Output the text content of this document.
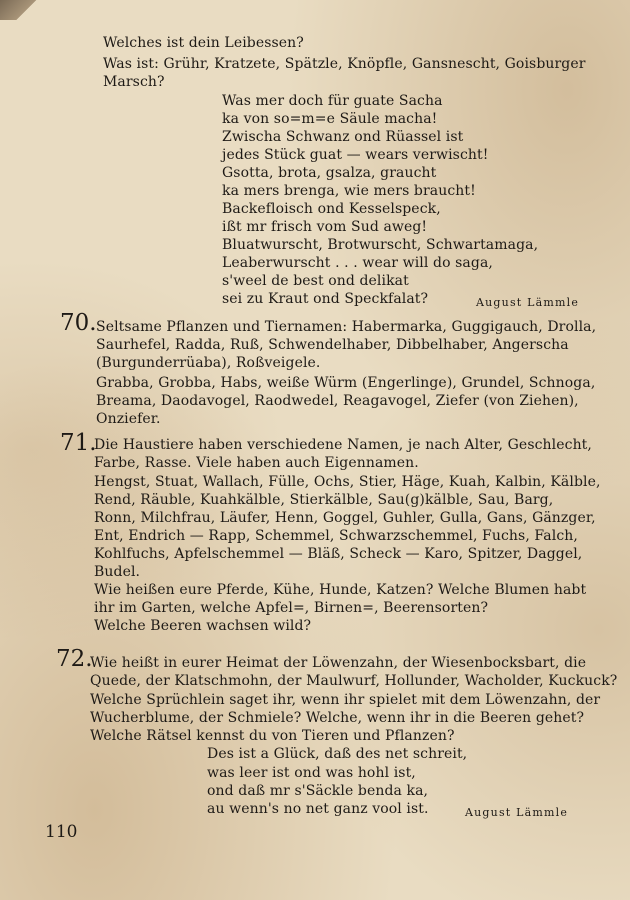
Welches ist dein Leibessen?
Was ist: Grühr, Kratzete, Spätzle, Knöpfle, Gansnescht, Goisburger
Marsch?
Was mer doch für guate Sacha
ka von so=m=e Säule macha!
Zwischa Schwanz ond Rüassel ist
jedes Stück guat — wears verwischt!
Gsotta, brota, gsalza, graucht
ka mers brenga, wie mers braucht!
Backefloisch ond Kesselspeck,
ißt mr frisch vom Sud aweg!
Bluatwurscht, Brotwurscht, Schwartamaga,
Leaberwurscht . . . wear will do saga,
s'weel de best ond delikat
sei zu Kraut ond Speckfalat?	August Lämmle
70. Seltsame Pflanzen und Tiernamen: Habermarka, Guggigauch, Drolla,
Saurhefel, Radda, Ruß, Schwendelhaber, Dibbelhaber, Angerscha
(Burgunderrüaba), Roßveigele.
Grabba, Grobba, Habs, weiße Würm (Engerlinge), Grundel, Schnoga,
Breama, Daodavogel, Raodwedel, Reagavogel, Ziefer (von Ziehen),
Onziefer.
71.
Die Haustiere haben verschiedene Namen, je nach Alter, Geschlecht,
Farbe, Rasse. Viele haben auch Eigennamen.
Hengst, Stuat, Wallach, Fülle, Ochs, Stier, Häge, Kuah, Kalbin, Kälble,
Rend, Räuble, Kuahkälble, Stierkälble, Sau(g)kälble, Sau, Barg,
Ronn, Milchfrau, Läufer, Henn, Goggel, Guhler, Gulla, Gans, Gänzger,
Ent, Endrich — Rapp, Schemmel, Schwarzschemmel, Fuchs, Falch,
Kohlfuchs, Apfelschemmel — Bläß, Scheck — Karo, Spitzer, Daggel,
Budel.
Wie heißen eure Pferde, Kühe, Hunde, Katzen? Welche Blumen habt
ihr im Garten, welche Apfel=, Birnen=, Beerensorten?
Welche Beeren wachsen wild?
72.
Wie heißt in eurer Heimat der Löwenzahn, der Wiesenbocksbart, die
Quede, der Klatschmohn, der Maulwurf, Hollunder, Wacholder, Kuckuck?
Welche Sprüchlein saget ihr, wenn ihr spielet mit dem Löwenzahn, der
Wucherblume, der Schmiele? Welche, wenn ihr in die Beeren gehet?
Welche Rätsel kennst du von Tieren und Pflanzen?
Des ist a Glück, daß des net schreit,
was leer ist ond was hohl ist,
ond daß mr s'Säckle benda ka,
au wenn's no net ganz vool ist.	August Lämmle
110
